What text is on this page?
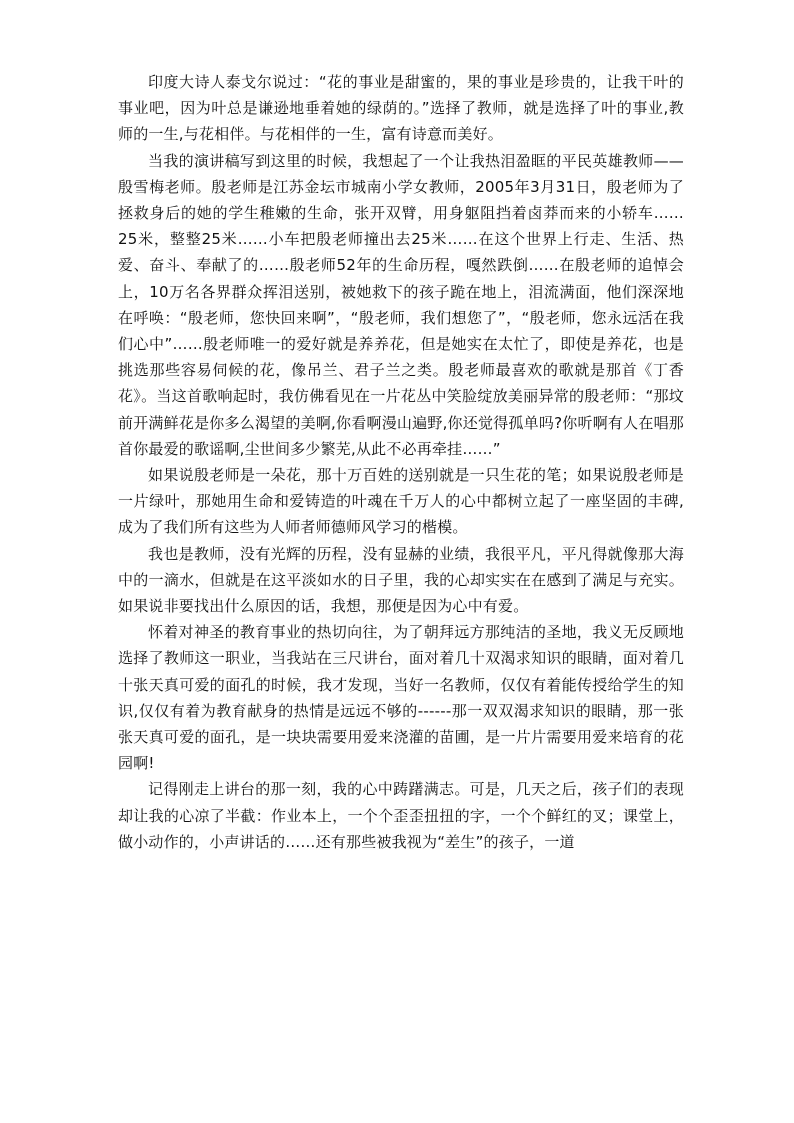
印度大诗人泰戈尔说过：“花的事业是甜蜜的，果的事业是珍贵的，让我干叶的事业吧，因为叶总是谦逊地垂着她的绿荫的。”选择了教师，就是选择了叶的事业,教师的一生,与花相伴。与花相伴的一生，富有诗意而美好。

当我的演讲稿写到这里的时候，我想起了一个让我热泪盈眶的平民英雄教师——殷雪梅老师。殷老师是江苏金坛市城南小学女教师，2005年3月31日，殷老师为了拯救身后的她的学生稚嫩的生命，张开双臂，用身躯阻挡着卤莽而来的小轿车……25米，整整25米……小车把殷老师撞出去25米……在这个世界上行走、生活、热爱、奋斗、奉献了的……殷老师52年的生命历程，嘎然跌倒……在殷老师的追悼会上，10万名各界群众挥泪送别，被她救下的孩子跪在地上，泪流满面，他们深深地在呼唤：“殷老师，您快回来啊”，“殷老师，我们想您了”，“殷老师，您永远活在我们心中”……殷老师唯一的爱好就是养养花，但是她实在太忙了，即使是养花，也是挑选那些容易伺候的花，像吊兰、君子兰之类。殷老师最喜欢的歌就是那首《丁香花》。当这首歌响起时，我仿佛看见在一片花丛中笑脸绽放美丽异常的殷老师：“那坟前开满鲜花是你多么渴望的美啊,你看啊漫山遍野,你还觉得孤单吗?你听啊有人在唱那首你最爱的歌谣啊,尘世间多少繁芜,从此不必再牵挂……”

如果说殷老师是一朵花，那十万百姓的送别就是一只生花的笔；如果说殷老师是一片绿叶，那她用生命和爱铸造的叶魂在千万人的心中都树立起了一座坚固的丰碑,成为了我们所有这些为人师者师德师风学习的楷模。

我也是教师，没有光辉的历程，没有显赫的业绩，我很平凡，平凡得就像那大海中的一滴水，但就是在这平淡如水的日子里，我的心却实实在在感到了满足与充实。如果说非要找出什么原因的话，我想，那便是因为心中有爱。

怀着对神圣的教育事业的热切向往，为了朝拜远方那纯洁的圣地，我义无反顾地选择了教师这一职业，当我站在三尺讲台，面对着几十双渴求知识的眼睛，面对着几十张天真可爱的面孔的时候，我才发现，当好一名教师，仅仅有着能传授给学生的知识,仅仅有着为教育献身的热情是远远不够的------那一双双渴求知识的眼睛，那一张张天真可爱的面孔，是一块块需要用爱来浇灌的苗圃，是一片片需要用爱来培育的花园啊!

记得刚走上讲台的那一刻，我的心中踌躇满志。可是，几天之后，孩子们的表现却让我的心凉了半截：作业本上，一个个歪歪扭扭的字，一个个鲜红的叉；课堂上，做小动作的，小声讲话的……还有那些被我视为“差生”的孩子，一道
